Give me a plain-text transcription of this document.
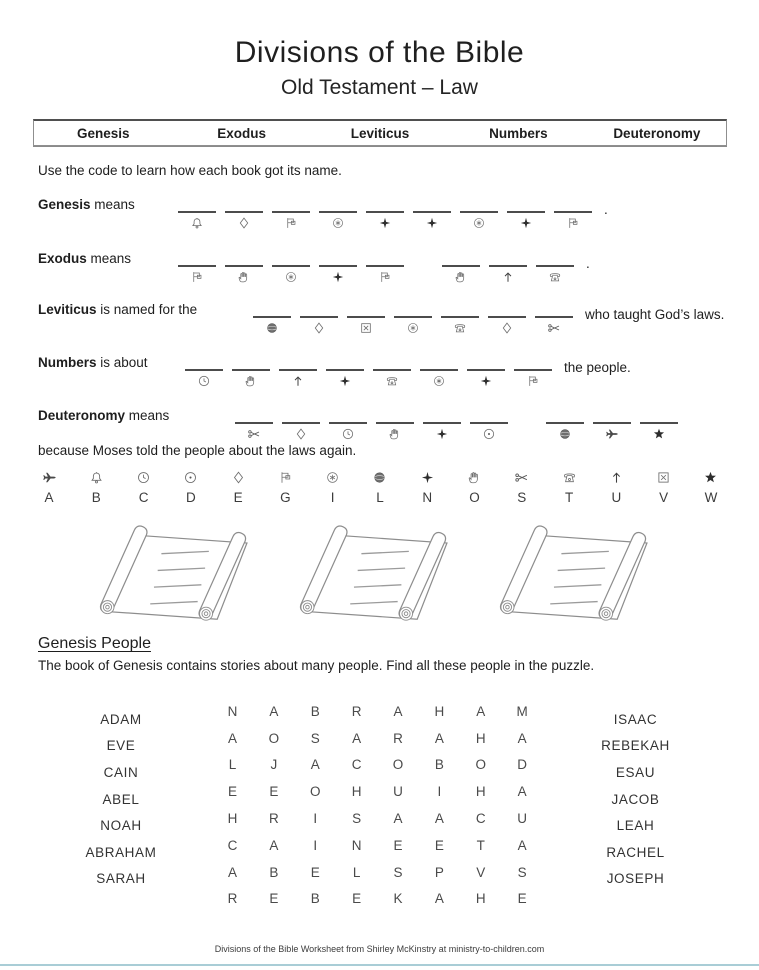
Divisions of the Bible
Old Testament – Law
Genesis	Exodus	Leviticus	Numbers	Deuteronomy
Use the code to learn how each book got its name.
Genesis means	.
Exodus means	.
Leviticus is named for the	who taught God’s laws.
Numbers is about	the people.
Deuteronomy means
because Moses told the people about the laws again.
A	B	C	D	E	G	I	L	N	O	S	T	U	V	W
Genesis People
The book of Genesis contains stories about many people. Find all these people in the puzzle.
ADAM
EVE
CAIN
ABEL
NOAH
ABRAHAM
SARAH
N	A	B	R	A	H	A	M
A	O	S	A	R	A	H	A
L	J	A	C	O	B	O	D
E	E	O	H	U	I	H	A
H	R	I	S	A	A	C	U
C	A	I	N	E	E	T	A
A	B	E	L	S	P	V	S
R	E	B	E	K	A	H	E
ISAAC
REBEKAH
ESAU
JACOB
LEAH
RACHEL
JOSEPH
Divisions of the Bible Worksheet from Shirley McKinstry at ministry-to-children.com
